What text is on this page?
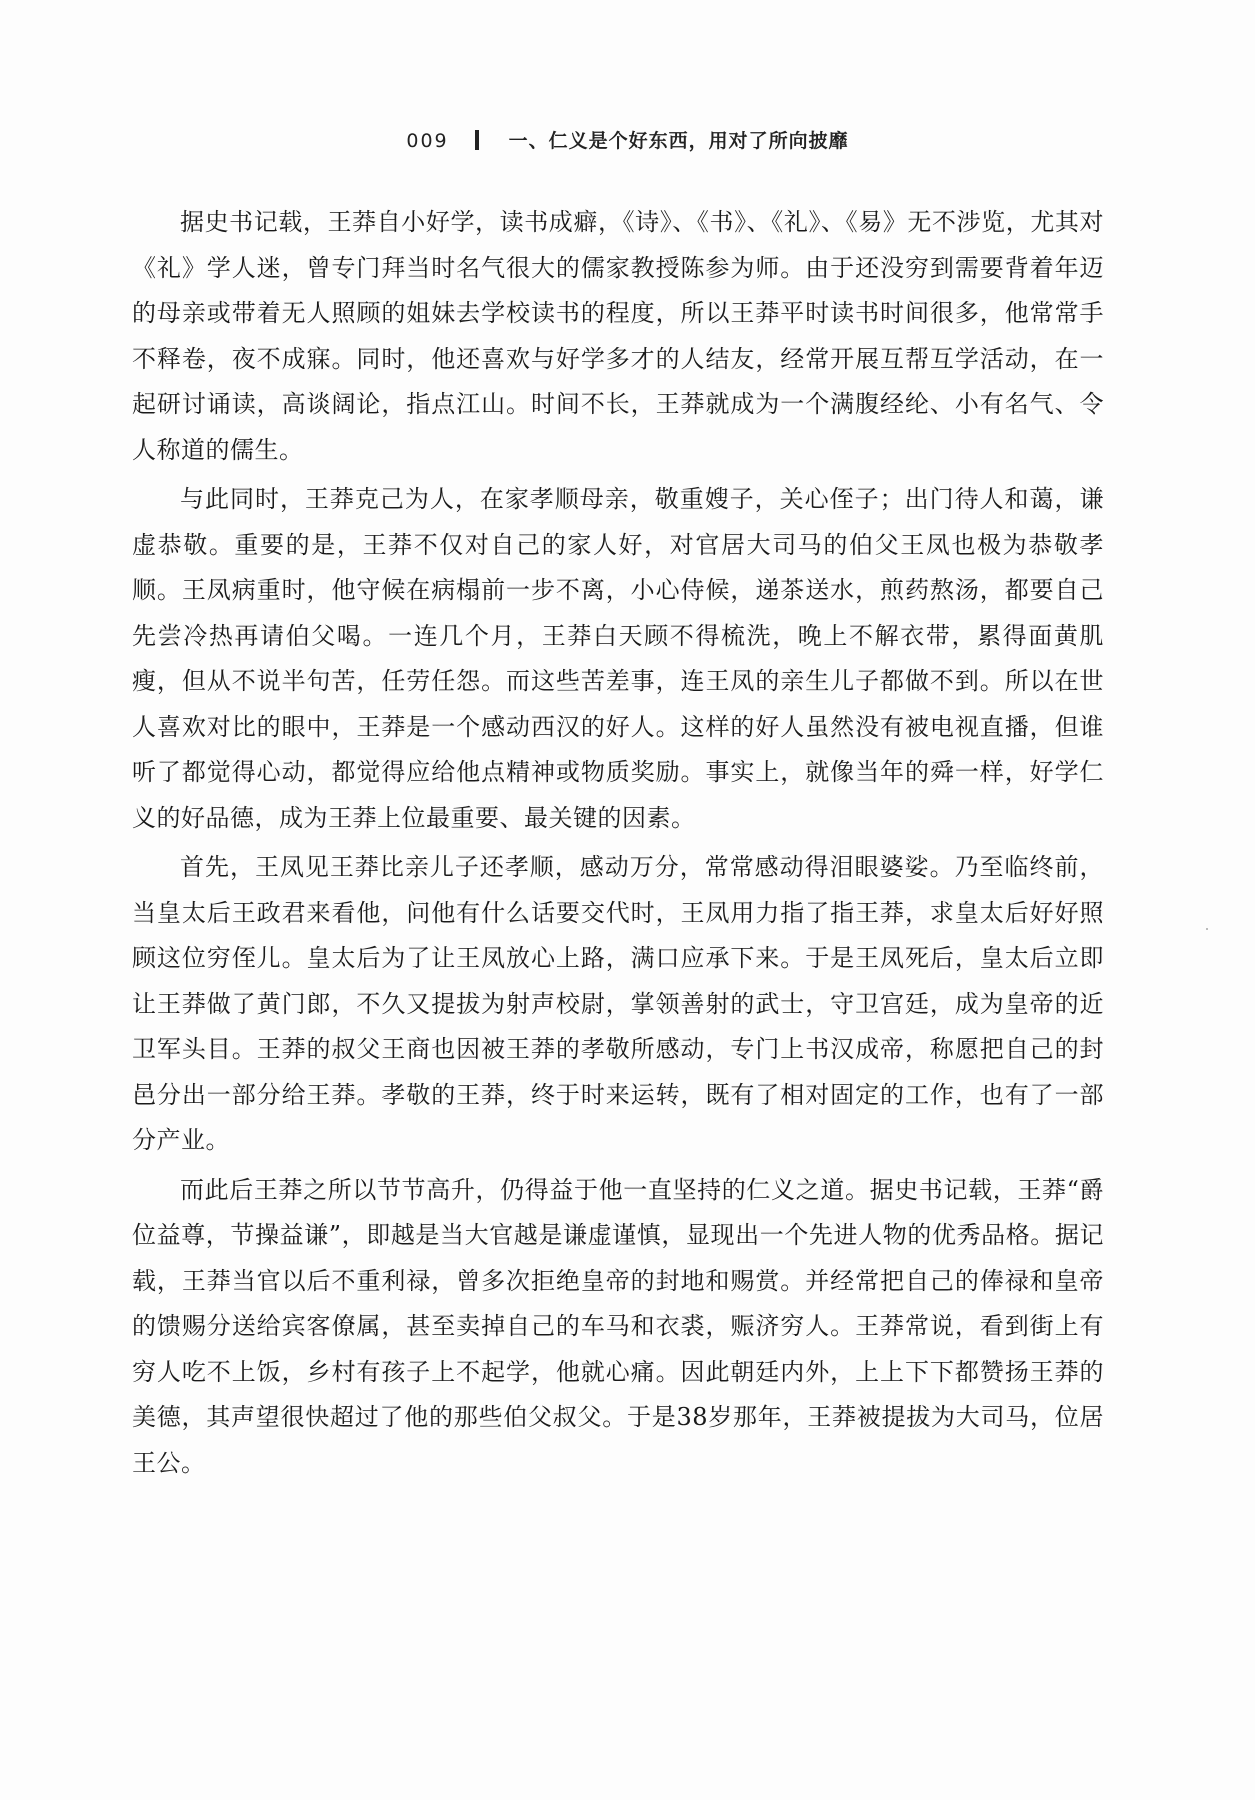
009	一、仁义是个好东西，用对了所向披靡

据史书记载，王莽自小好学，读书成癖，《诗》、《书》、《礼》、《易》无不涉览，尤其对《礼》学人迷，曾专门拜当时名气很大的儒家教授陈参为师。由于还没穷到需要背着年迈的母亲或带着无人照顾的姐妹去学校读书的程度，所以王莽平时读书时间很多，他常常手不释卷，夜不成寐。同时，他还喜欢与好学多才的人结友，经常开展互帮互学活动，在一起研讨诵读，高谈阔论，指点江山。时间不长，王莽就成为一个满腹经纶、小有名气、令人称道的儒生。

与此同时，王莽克己为人，在家孝顺母亲，敬重嫂子，关心侄子；出门待人和蔼，谦虚恭敬。重要的是，王莽不仅对自己的家人好，对官居大司马的伯父王凤也极为恭敬孝顺。王凤病重时，他守候在病榻前一步不离，小心侍候，递茶送水，煎药熬汤，都要自己先尝冷热再请伯父喝。一连几个月，王莽白天顾不得梳洗，晚上不解衣带，累得面黄肌瘦，但从不说半句苦，任劳任怨。而这些苦差事，连王凤的亲生儿子都做不到。所以在世人喜欢对比的眼中，王莽是一个感动西汉的好人。这样的好人虽然没有被电视直播，但谁听了都觉得心动，都觉得应给他点精神或物质奖励。事实上，就像当年的舜一样，好学仁义的好品德，成为王莽上位最重要、最关键的因素。

首先，王凤见王莽比亲儿子还孝顺，感动万分，常常感动得泪眼婆娑。乃至临终前，当皇太后王政君来看他，问他有什么话要交代时，王凤用力指了指王莽，求皇太后好好照顾这位穷侄儿。皇太后为了让王凤放心上路，满口应承下来。于是王凤死后，皇太后立即让王莽做了黄门郎，不久又提拔为射声校尉，掌领善射的武士，守卫宫廷，成为皇帝的近卫军头目。王莽的叔父王商也因被王莽的孝敬所感动，专门上书汉成帝，称愿把自己的封邑分出一部分给王莽。孝敬的王莽，终于时来运转，既有了相对固定的工作，也有了一部分产业。

而此后王莽之所以节节高升，仍得益于他一直坚持的仁义之道。据史书记载，王莽“爵位益尊，节操益谦”，即越是当大官越是谦虚谨慎，显现出一个先进人物的优秀品格。据记载，王莽当官以后不重利禄，曾多次拒绝皇帝的封地和赐赏。并经常把自己的俸禄和皇帝的馈赐分送给宾客僚属，甚至卖掉自己的车马和衣裘，赈济穷人。王莽常说，看到街上有穷人吃不上饭，乡村有孩子上不起学，他就心痛。因此朝廷内外，上上下下都赞扬王莽的美德，其声望很快超过了他的那些伯父叔父。于是38岁那年，王莽被提拔为大司马，位居王公。
